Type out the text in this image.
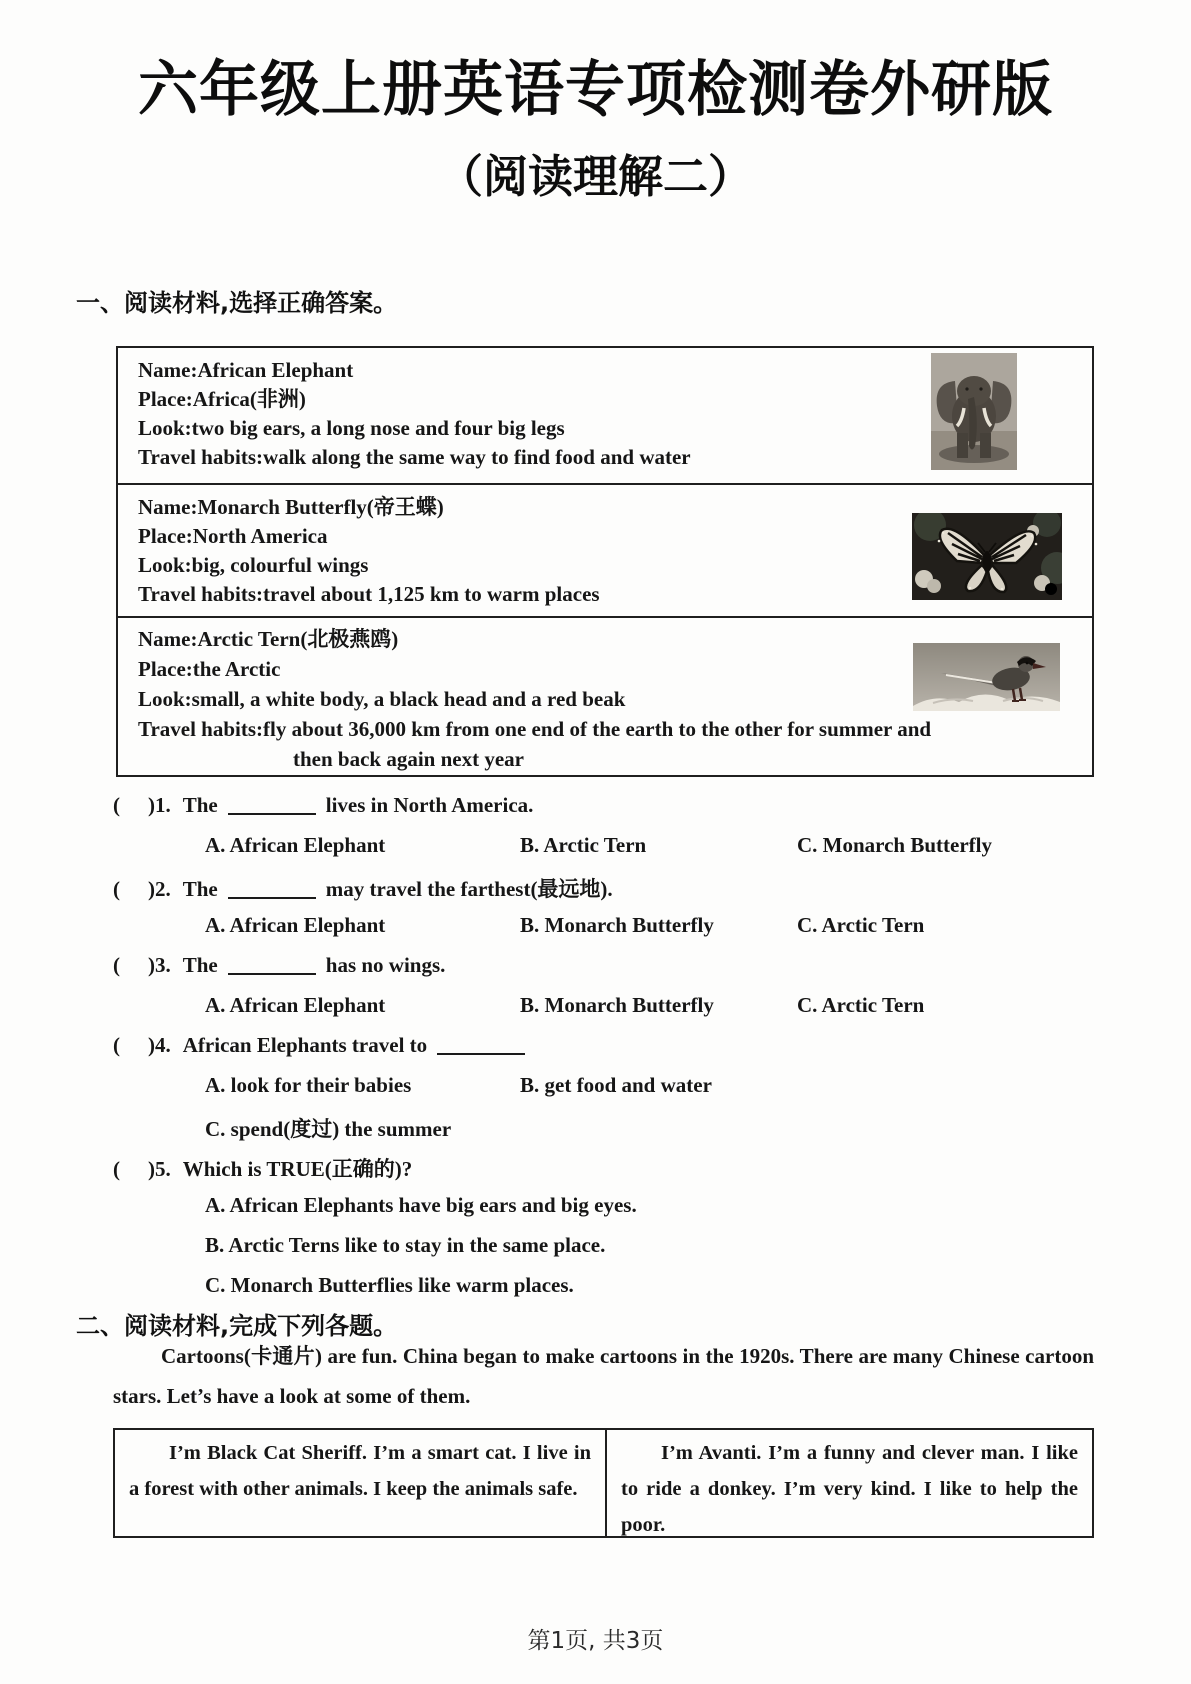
六年级上册英语专项检测卷外研版
（阅读理解二）
一、阅读材料,选择正确答案。
Name:African Elephant
Place:Africa(非洲)
Look:two big ears, a long nose and four big legs
Travel habits:walk along the same way to find food and water
Name:Monarch Butterfly(帝王蝶)
Place:North America
Look:big, colourful wings
Travel habits:travel about 1,125 km to warm places
Name:Arctic Tern(北极燕鸥)
Place:the Arctic
Look:small, a white body, a black head and a red beak
Travel habits:fly about 36,000 km from one end of the earth to the other for summer and
then back again next year
( )1. The	lives in North America.
A. African Elephant	B. Arctic Tern	C. Monarch Butterfly
( )2. The	may travel the farthest(最远地).
A. African Elephant	B. Monarch Butterfly	C. Arctic Tern
( )3. The	has no wings.
A. African Elephant	B. Monarch Butterfly	C. Arctic Tern
( )4. African Elephants travel to
A. look for their babies	B. get food and water
C. spend(度过) the summer
( )5. Which is TRUE(正确的)?
A. African Elephants have big ears and big eyes.
B. Arctic Terns like to stay in the same place.
C. Monarch Butterflies like warm places.
二、阅读材料,完成下列各题。
Cartoons(卡通片) are fun. China began to make cartoons in the 1920s. There are many Chinese cartoon stars. Let’s have a look at some of them.
I’m Black Cat Sheriff. I’m a smart cat. I live in a forest with other animals. I keep the animals safe.
I’m Avanti. I’m a funny and clever man. I like to ride a donkey. I’m very kind. I like to help the poor.
第1页, 共3页
